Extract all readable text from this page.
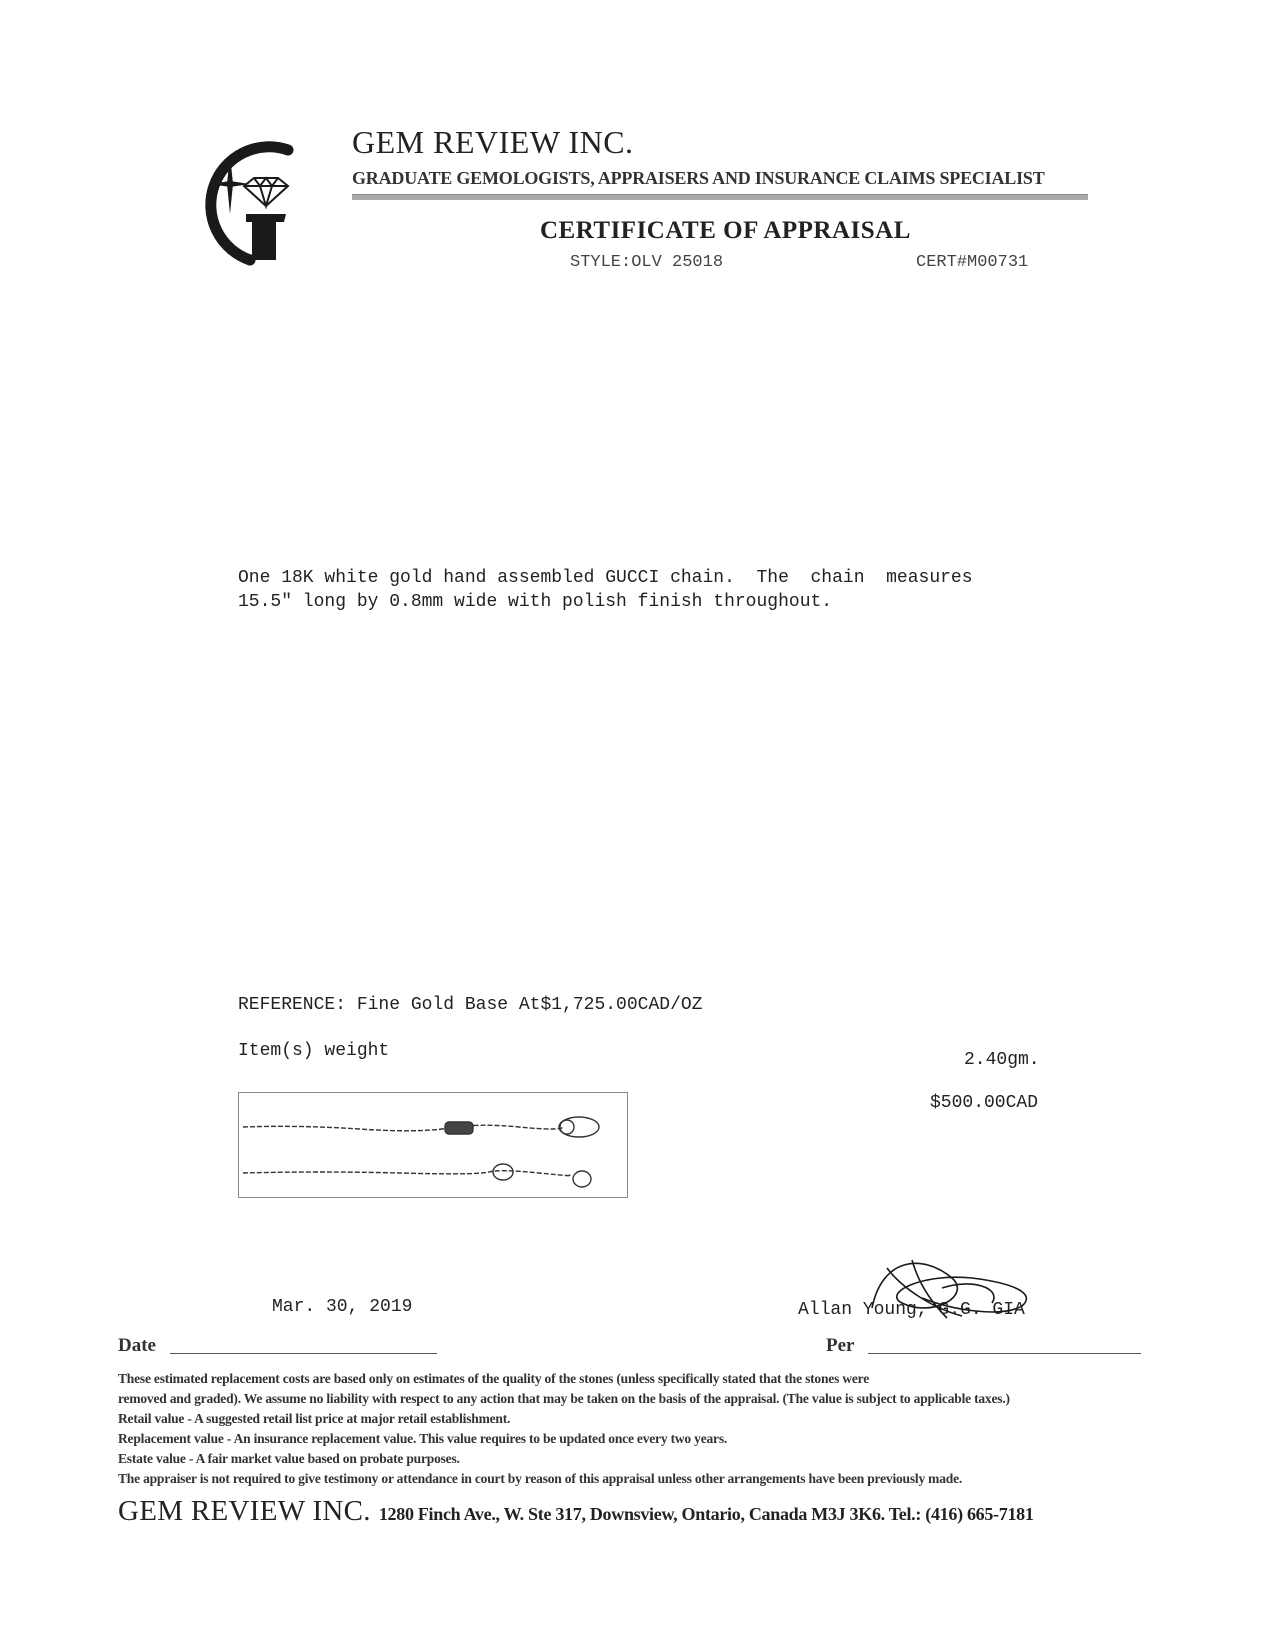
GEM REVIEW INC.
GRADUATE GEMOLOGISTS, APPRAISERS AND INSURANCE CLAIMS SPECIALIST
CERTIFICATE OF APPRAISAL
STYLE:OLV 25018	CERT#M00731
One 18K white gold hand assembled GUCCI chain.  The  chain  measures
15.5" long by 0.8mm wide with polish finish throughout.
REFERENCE: Fine Gold Base At$1,725.00CAD/OZ
Item(s) weight	2.40gm.
$500.00CAD
Mar. 30, 2019	Allan Young, G.G. GIA
Date	Per
These estimated replacement costs are based only on estimates of the quality of the stones (unless specifically stated that the stones were
removed and graded). We assume no liability with respect to any action that may be taken on the basis of the appraisal. (The value is subject to applicable taxes.)
Retail value - A suggested retail list price at major retail establishment.
Replacement value - An insurance replacement value. This value requires to be updated once every two years.
Estate value - A fair market value based on probate purposes.
The appraiser is not required to give testimony or attendance in court by reason of this appraisal unless other arrangements have been previously made.
GEM REVIEW INC. 1280 Finch Ave., W. Ste 317, Downsview, Ontario, Canada M3J 3K6. Tel.: (416) 665-7181
